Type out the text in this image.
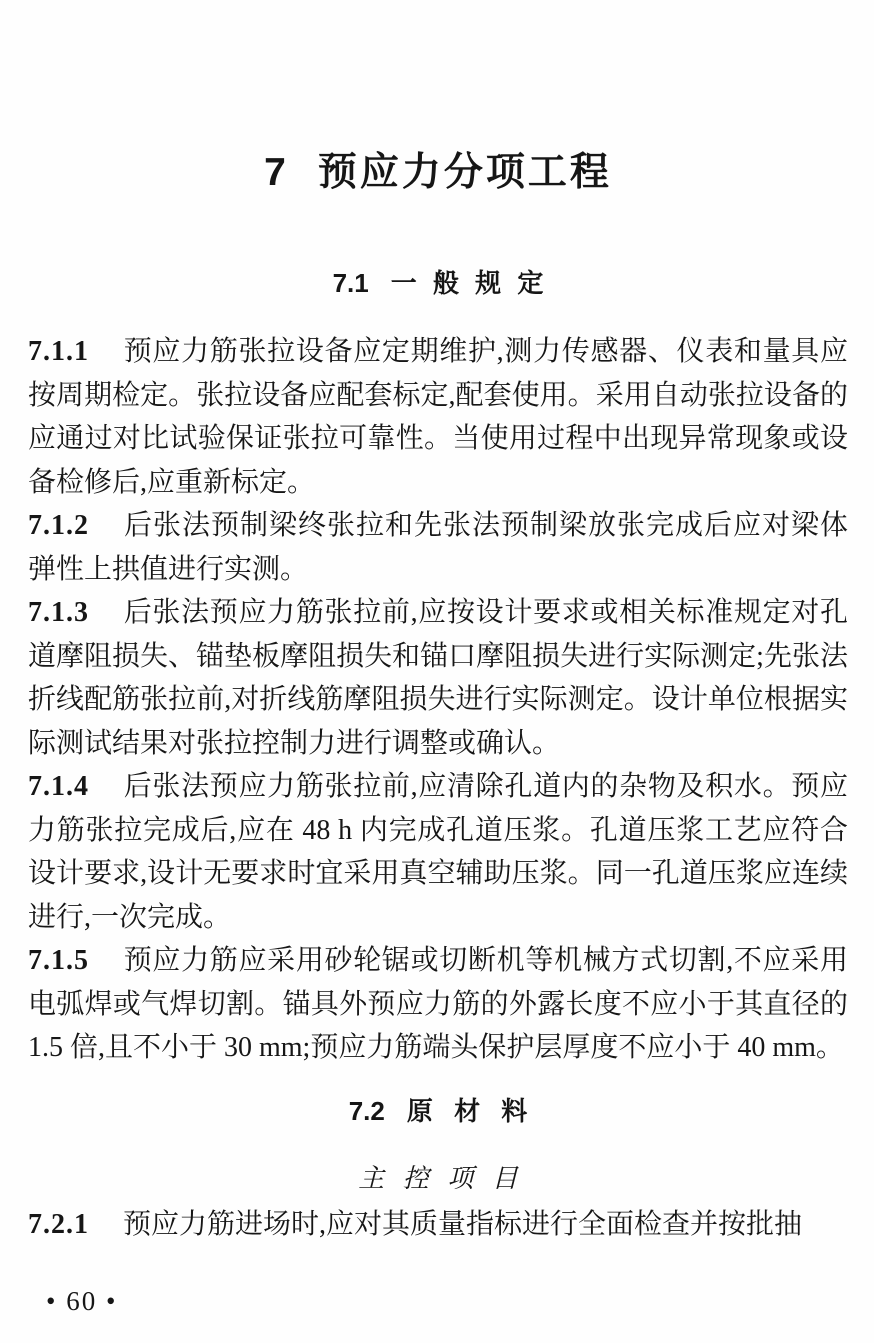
7 预应力分项工程
7.1 一 般 规 定

7.1.1 预应力筋张拉设备应定期维护,测力传感器、仪表和量具应按周期检定。张拉设备应配套标定,配套使用。采用自动张拉设备的应通过对比试验保证张拉可靠性。当使用过程中出现异常现象或设备检修后,应重新标定。

7.1.2 后张法预制梁终张拉和先张法预制梁放张完成后应对梁体弹性上拱值进行实测。

7.1.3 后张法预应力筋张拉前,应按设计要求或相关标准规定对孔道摩阻损失、锚垫板摩阻损失和锚口摩阻损失进行实际测定;先张法折线配筋张拉前,对折线筋摩阻损失进行实际测定。设计单位根据实际测试结果对张拉控制力进行调整或确认。

7.1.4 后张法预应力筋张拉前,应清除孔道内的杂物及积水。预应力筋张拉完成后,应在 48 h 内完成孔道压浆。孔道压浆工艺应符合设计要求,设计无要求时宜采用真空辅助压浆。同一孔道压浆应连续进行,一次完成。

7.1.5 预应力筋应采用砂轮锯或切断机等机械方式切割,不应采用电弧焊或气焊切割。锚具外预应力筋的外露长度不应小于其直径的 1.5 倍,且不小于 30 mm;预应力筋端头保护层厚度不应小于 40 mm。

7.2 原 材 料
主 控 项 目

7.2.1 预应力筋进场时,应对其质量指标进行全面检查并按批抽

• 60 •
